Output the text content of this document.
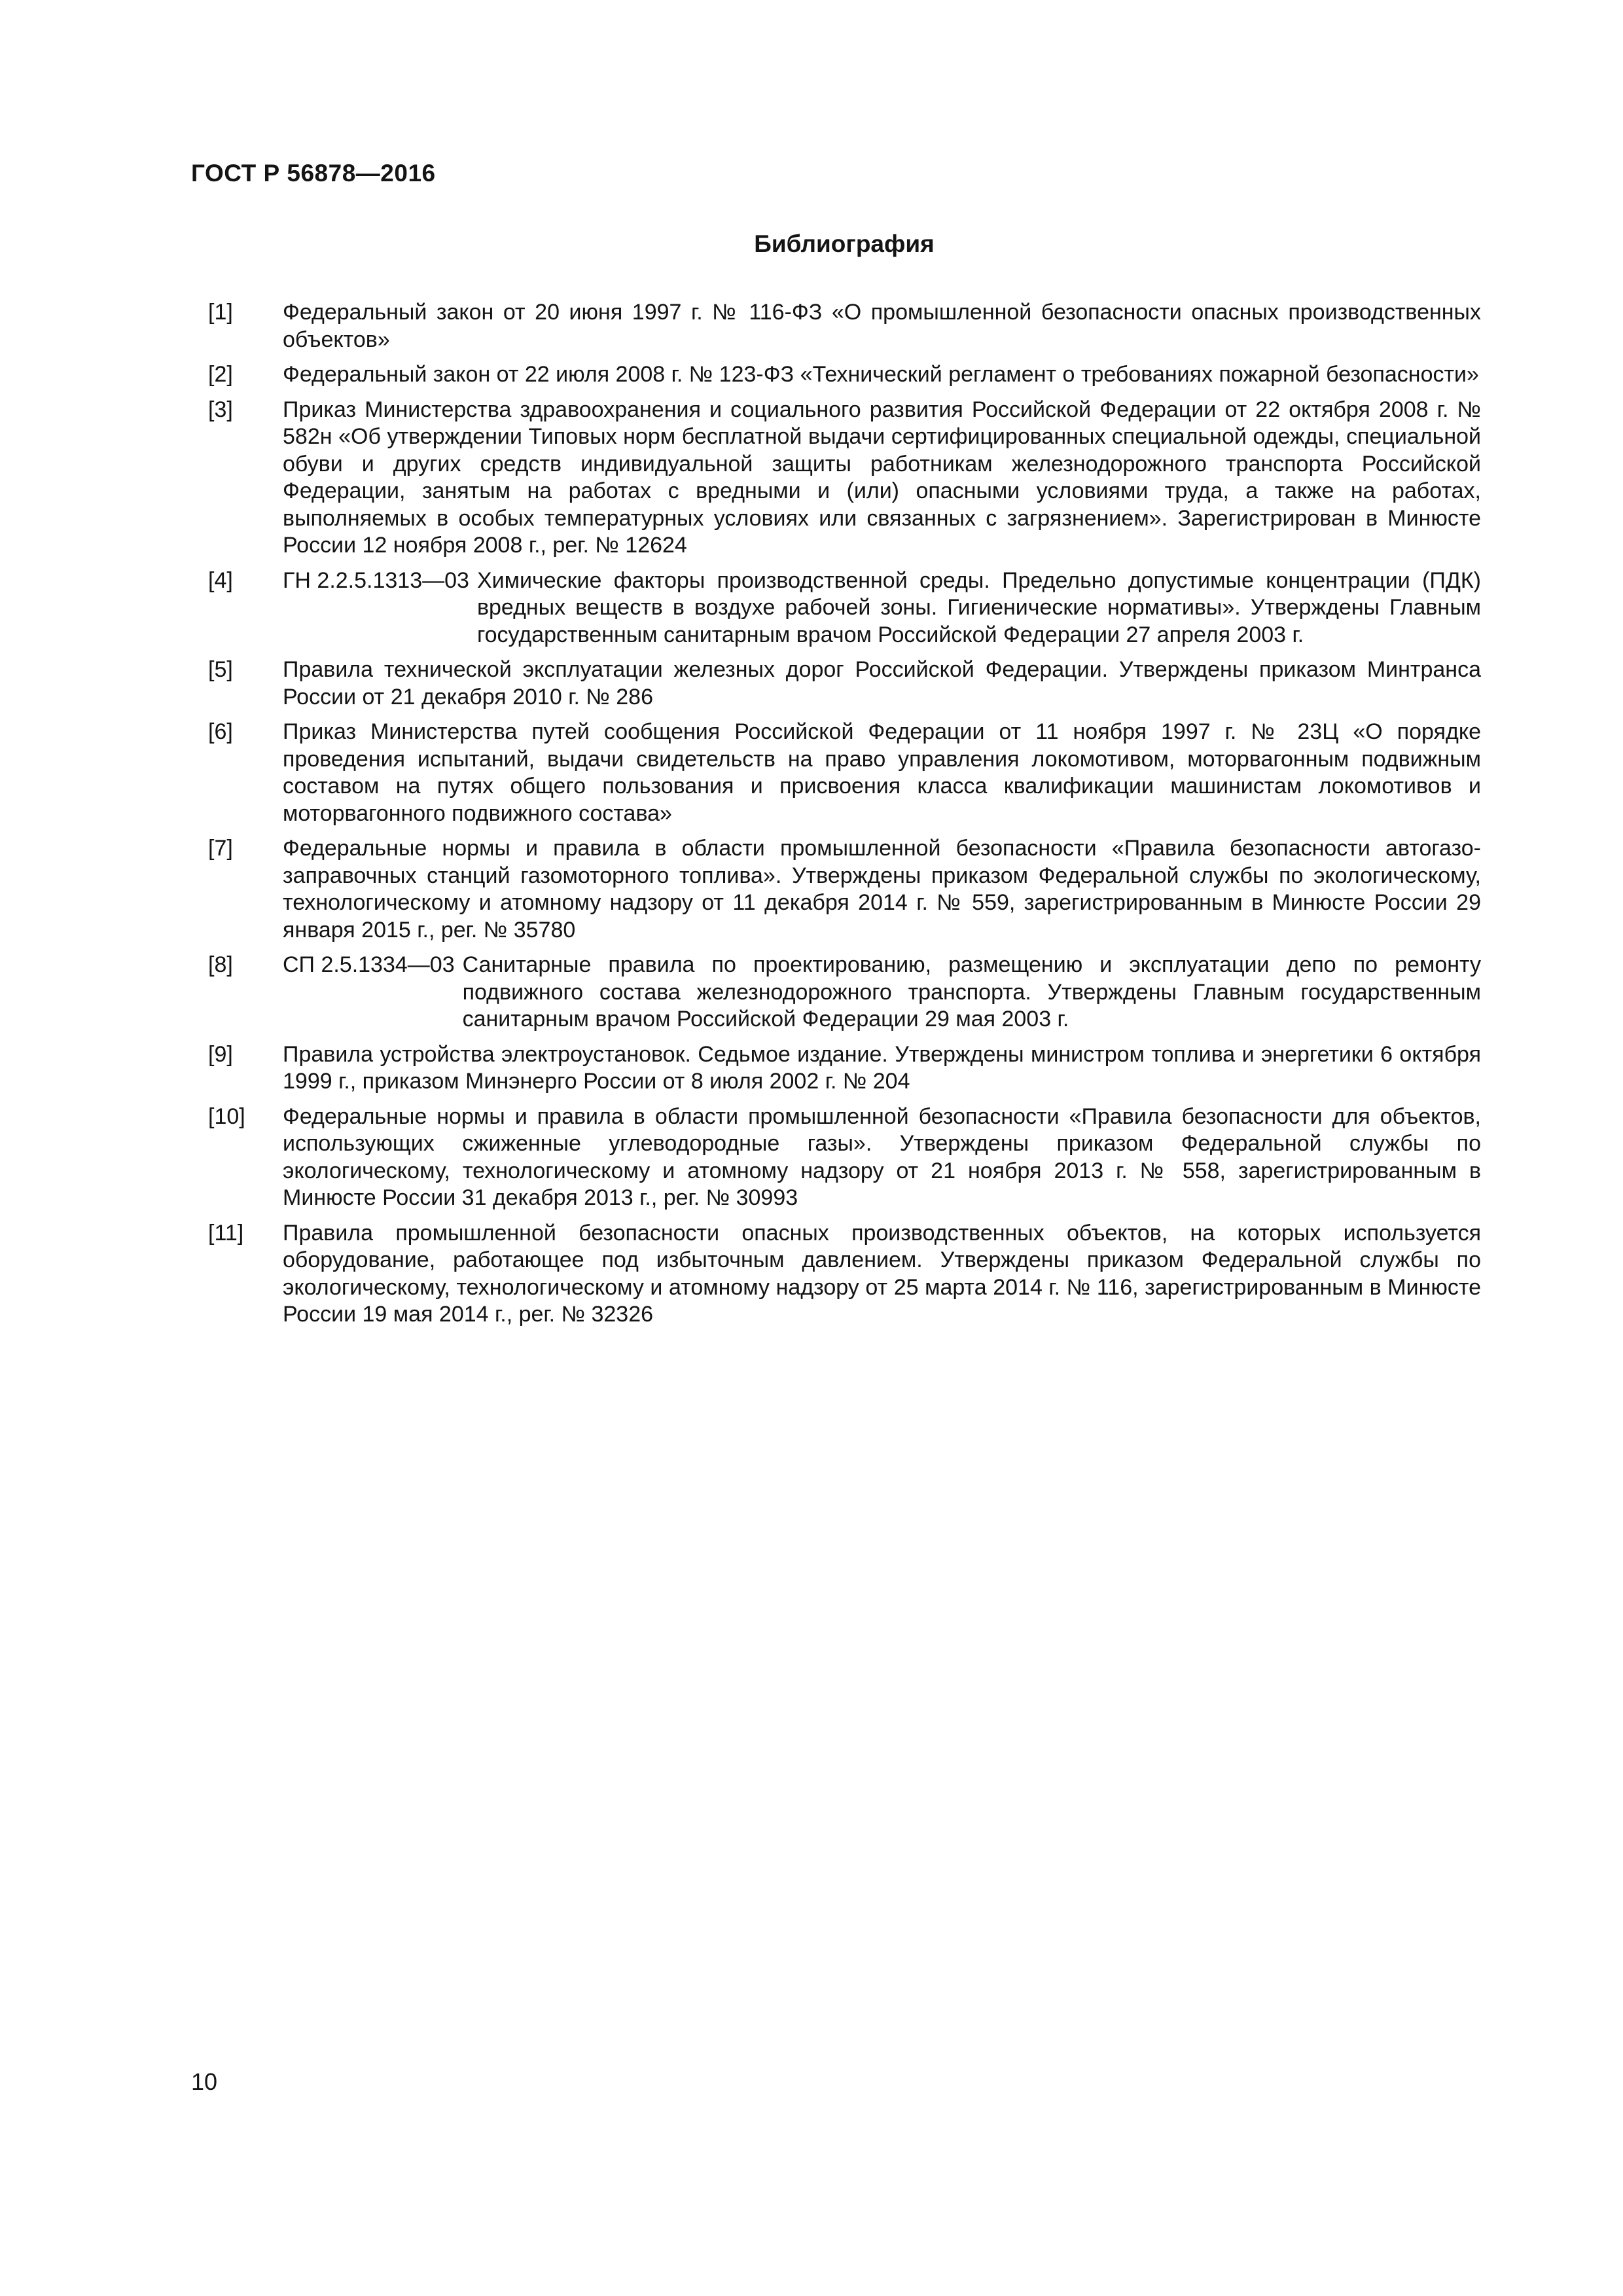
ГОСТ Р 56878—2016
Библиография
[1] Федеральный закон от 20 июня 1997 г. № 116-ФЗ «О промышленной безопасности опасных производственных объектов»
[2] Федеральный закон от 22 июля 2008 г. № 123-ФЗ «Технический регламент о требованиях пожарной безопасности»
[3] Приказ Министерства здравоохранения и социального развития Российской Федерации от 22 октября 2008 г. № 582н «Об утверждении Типовых норм бесплатной выдачи сертифицированных специальной одежды, специальной обуви и других средств индивидуальной защиты работникам железнодорожного транспорта Российской Федерации, занятым на работах с вредными и (или) опасными условиями труда, а также на работах, выполняемых в особых температурных условиях или связанных с загрязнением». Зарегистрирован в Минюсте России 12 ноября 2008 г., рег. № 12624
[4] ГН 2.2.5.1313—03 Химические факторы производственной среды. Предельно допустимые концентрации (ПДК) вредных веществ в воздухе рабочей зоны. Гигиенические нормативы». Утверждены Главным государственным санитарным врачом Российской Федерации 27 апреля 2003 г.
[5] Правила технической эксплуатации железных дорог Российской Федерации. Утверждены приказом Минтранса России от 21 декабря 2010 г. № 286
[6] Приказ Министерства путей сообщения Российской Федерации от 11 ноября 1997 г. № 23Ц «О порядке проведения испытаний, выдачи свидетельств на право управления локомотивом, моторвагонным подвижным составом на путях общего пользования и присвоения класса квалификации машинистам локомотивов и моторвагонного подвижного состава»
[7] Федеральные нормы и правила в области промышленной безопасности «Правила безопасности автогазозаправочных станций газомоторного топлива». Утверждены приказом Федеральной службы по экологическому, технологическому и атомному надзору от 11 декабря 2014 г. № 559, зарегистрированным в Минюсте России 29 января 2015 г., рег. № 35780
[8] СП 2.5.1334—03 Санитарные правила по проектированию, размещению и эксплуатации депо по ремонту подвижного состава железнодорожного транспорта. Утверждены Главным государственным санитарным врачом Российской Федерации 29 мая 2003 г.
[9] Правила устройства электроустановок. Седьмое издание. Утверждены министром топлива и энергетики 6 октября 1999 г., приказом Минэнерго России от 8 июля 2002 г. № 204
[10] Федеральные нормы и правила в области промышленной безопасности «Правила безопасности для объектов, использующих сжиженные углеводородные газы». Утверждены приказом Федеральной службы по экологическому, технологическому и атомному надзору от 21 ноября 2013 г. № 558, зарегистрированным в Минюсте России 31 декабря 2013 г., рег. № 30993
[11] Правила промышленной безопасности опасных производственных объектов, на которых используется оборудование, работающее под избыточным давлением. Утверждены приказом Федеральной службы по экологическому, технологическому и атомному надзору от 25 марта 2014 г. № 116, зарегистрированным в Минюсте России 19 мая 2014 г., рег. № 32326
10
